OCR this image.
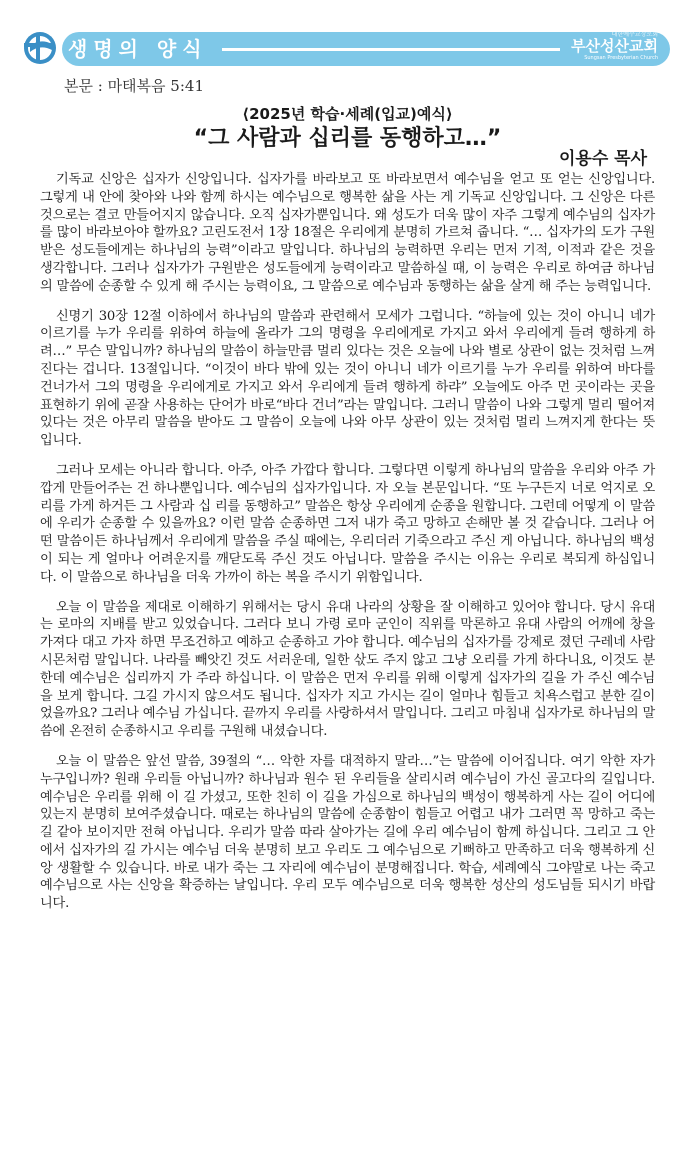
생명의 양식
대한예수교장로회
부산성산교회
Sungsan Presbyterian Church
본문 : 마태복음 5:41
⟨2025년 학습·세례(입교)예식⟩
“그 사람과 십리를 동행하고…”
이용수 목사

기독교 신앙은 십자가 신앙입니다. 십자가를 바라보고 또 바라보면서 예수님을 얻고 또 얻는 신앙입니다. 그렇게 내 안에 찾아와 나와 함께 하시는 예수님으로 행복한 삶을 사는 게 기독교 신앙입니다. 그 신앙은 다른 것으로는 결코 만들어지지 않습니다. 오직 십자가뿐입니다. 왜 성도가 더욱 많이 자주 그렇게 예수님의 십자가를 많이 바라보아야 할까요? 고린도전서 1장 18절은 우리에게 분명히 가르쳐 줍니다. “… 십자가의 도가 구원받은 성도들에게는 하나님의 능력”이라고 말입니다. 하나님의 능력하면 우리는 먼저 기적, 이적과 같은 것을 생각합니다. 그러나 십자가가 구원받은 성도들에게 능력이라고 말씀하실 때, 이 능력은 우리로 하여금 하나님의 말씀에 순종할 수 있게 해 주시는 능력이요, 그 말씀으로 예수님과 동행하는 삶을 살게 해 주는 능력입니다.

신명기 30장 12절 이하에서 하나님의 말씀과 관련해서 모세가 그럽니다. “하늘에 있는 것이 아니니 네가 이르기를 누가 우리를 위하여 하늘에 올라가 그의 명령을 우리에게로 가지고 와서 우리에게 들려 행하게 하려…” 무슨 말입니까? 하나님의 말씀이 하늘만큼 멀리 있다는 것은 오늘에 나와 별로 상관이 없는 것처럼 느껴진다는 겁니다. 13절입니다. “이것이 바다 밖에 있는 것이 아니니 네가 이르기를 누가 우리를 위하여 바다를 건너가서 그의 명령을 우리에게로 가지고 와서 우리에게 들려 행하게 하랴” 오늘에도 아주 먼 곳이라는 곳을 표현하기 위에 곧잘 사용하는 단어가 바로“바다 건너”라는 말입니다. 그러니 말씀이 나와 그렇게 멀리 떨어져 있다는 것은 아무리 말씀을 받아도 그 말씀이 오늘에 나와 아무 상관이 있는 것처럼 멀리 느껴지게 한다는 뜻입니다.

그러나 모세는 아니라 합니다. 아주, 아주 가깝다 합니다. 그렇다면 이렇게 하나님의 말씀을 우리와 아주 가깝게 만들어주는 건 하나뿐입니다. 예수님의 십자가입니다. 자 오늘 본문입니다. “또 누구든지 너로 억지로 오 리를 가게 하거든 그 사람과 십 리를 동행하고” 말씀은 항상 우리에게 순종을 원합니다. 그런데 어떻게 이 말씀에 우리가 순종할 수 있을까요? 이런 말씀 순종하면 그저 내가 죽고 망하고 손해만 볼 것 같습니다. 그러나 어떤 말씀이든 하나님께서 우리에게 말씀을 주실 때에는, 우리더러 기죽으라고 주신 게 아닙니다. 하나님의 백성이 되는 게 얼마나 어려운지를 깨닫도록 주신 것도 아닙니다. 말씀을 주시는 이유는 우리로 복되게 하심입니다. 이 말씀으로 하나님을 더욱 가까이 하는 복을 주시기 위함입니다.

오늘 이 말씀을 제대로 이해하기 위해서는 당시 유대 나라의 상황을 잘 이해하고 있어야 합니다. 당시 유대는 로마의 지배를 받고 있었습니다. 그러다 보니 가령 로마 군인이 직위를 막론하고 유대 사람의 어깨에 창을 가져다 대고 가자 하면 무조건하고 예하고 순종하고 가야 합니다. 예수님의 십자가를 강제로 졌던 구레네 사람 시몬처럼 말입니다. 나라를 빼앗긴 것도 서러운데, 일한 삯도 주지 않고 그냥 오리를 가게 하다니요, 이것도 분한데 예수님은 십리까지 가 주라 하십니다. 이 말씀은 먼저 우리를 위해 이렇게 십자가의 길을 가 주신 예수님을 보게 합니다. 그길 가시지 않으셔도 됩니다. 십자가 지고 가시는 길이 얼마나 힘들고 치욕스럽고 분한 길이었을까요? 그러나 예수님 가십니다. 끝까지 우리를 사랑하셔서 말입니다. 그리고 마침내 십자가로 하나님의 말씀에 온전히 순종하시고 우리를 구원해 내셨습니다.

오늘 이 말씀은 앞선 말씀, 39절의 “… 악한 자를 대적하지 말라…”는 말씀에 이어집니다. 여기 악한 자가 누구입니까? 원래 우리들 아닙니까? 하나님과 원수 된 우리들을 살리시려 예수님이 가신 골고다의 길입니다. 예수님은 우리를 위해 이 길 가셨고, 또한 친히 이 길을 가심으로 하나님의 백성이 행복하게 사는 길이 어디에 있는지 분명히 보여주셨습니다. 때로는 하나님의 말씀에 순종함이 힘들고 어렵고 내가 그러면 꼭 망하고 죽는 길 같아 보이지만 전혀 아닙니다. 우리가 말씀 따라 살아가는 길에 우리 예수님이 함께 하십니다. 그리고 그 안에서 십자가의 길 가시는 예수님 더욱 분명히 보고 우리도 그 예수님으로 기뻐하고 만족하고 더욱 행복하게 신앙 생활할 수 있습니다. 바로 내가 죽는 그 자리에 예수님이 분명해집니다. 학습, 세례예식 그야말로 나는 죽고 예수님으로 사는 신앙을 확증하는 날입니다. 우리 모두 예수님으로 더욱 행복한 성산의 성도님들 되시기 바랍니다.
